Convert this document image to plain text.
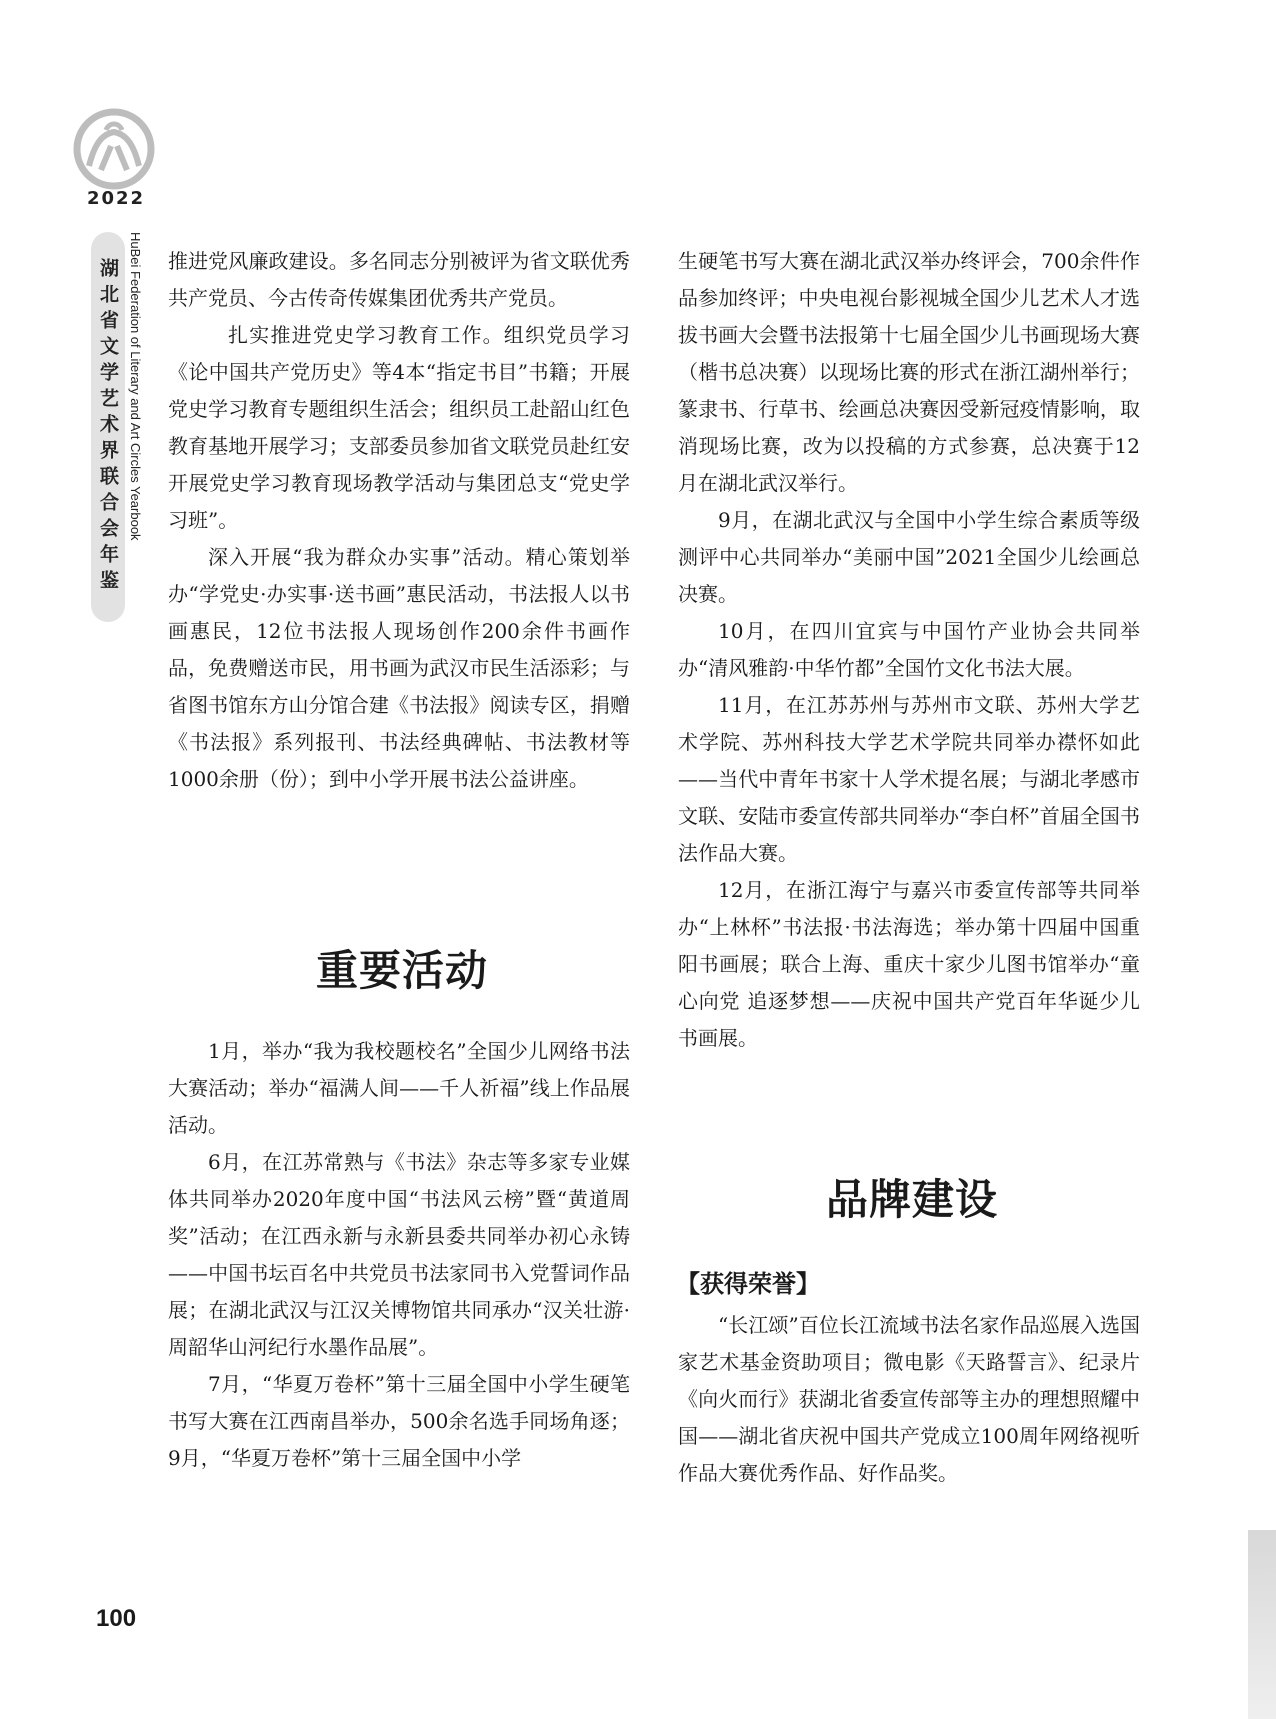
2022
湖北省文学艺术界联合会年鉴 HuBei Federation of Literary and Art Circles Yearbook 推进党风廉政建设。多名同志分别被评为省文联优秀共产党员、今古传奇传媒集团优秀共产党员。

扎实推进党史学习教育工作。组织党员学习《论中国共产党历史》等4本“指定书目”书籍；开展党史学习教育专题组织生活会；组织员工赴韶山红色教育基地开展学习；支部委员参加省文联党员赴红安开展党史学习教育现场教学活动与集团总支“党史学习班”。

深入开展“我为群众办实事”活动。精心策划举办“学党史·办实事·送书画”惠民活动，书法报人以书画惠民，12位书法报人现场创作200余件书画作品，免费赠送市民，用书画为武汉市民生活添彩；与省图书馆东方山分馆合建《书法报》阅读专区，捐赠《书法报》系列报刊、书法经典碑帖、书法教材等1000余册（份）；到中小学开展书法公益讲座。

重要活动

1月，举办“我为我校题校名”全国少儿网络书法大赛活动；举办“福满人间——千人祈福”线上作品展活动。

6月，在江苏常熟与《书法》杂志等多家专业媒体共同举办2020年度中国“书法风云榜”暨“黄道周奖”活动；在江西永新与永新县委共同举办初心永铸——中国书坛百名中共党员书法家同书入党誓词作品展；在湖北武汉与江汉关博物馆共同承办“汉关壮游·周韶华山河纪行水墨作品展”。

7月，“华夏万卷杯”第十三届全国中小学生硬笔书写大赛在江西南昌举办，500余名选手同场角逐；9月，“华夏万卷杯”第十三届全国中小学

生硬笔书写大赛在湖北武汉举办终评会，700余件作品参加终评；中央电视台影视城全国少儿艺术人才选拔书画大会暨书法报第十七届全国少儿书画现场大赛（楷书总决赛）以现场比赛的形式在浙江湖州举行；篆隶书、行草书、绘画总决赛因受新冠疫情影响，取消现场比赛，改为以投稿的方式参赛，总决赛于12月在湖北武汉举行。

9月，在湖北武汉与全国中小学生综合素质等级测评中心共同举办“美丽中国”2021全国少儿绘画总决赛。

10月，在四川宜宾与中国竹产业协会共同举办“清风雅韵·中华竹都”全国竹文化书法大展。

11月，在江苏苏州与苏州市文联、苏州大学艺术学院、苏州科技大学艺术学院共同举办襟怀如此——当代中青年书家十人学术提名展；与湖北孝感市文联、安陆市委宣传部共同举办“李白杯”首届全国书法作品大赛。

12月，在浙江海宁与嘉兴市委宣传部等共同举办“上林杯”书法报·书法海选；举办第十四届中国重阳书画展；联合上海、重庆十家少儿图书馆举办“童心向党 追逐梦想——庆祝中国共产党百年华诞少儿书画展。

品牌建设
【获得荣誉】

“长江颂”百位长江流域书法名家作品巡展入选国家艺术基金资助项目；微电影《天路誓言》、纪录片《向火而行》获湖北省委宣传部等主办的理想照耀中国——湖北省庆祝中国共产党成立100周年网络视听作品大赛优秀作品、好作品奖。

100
